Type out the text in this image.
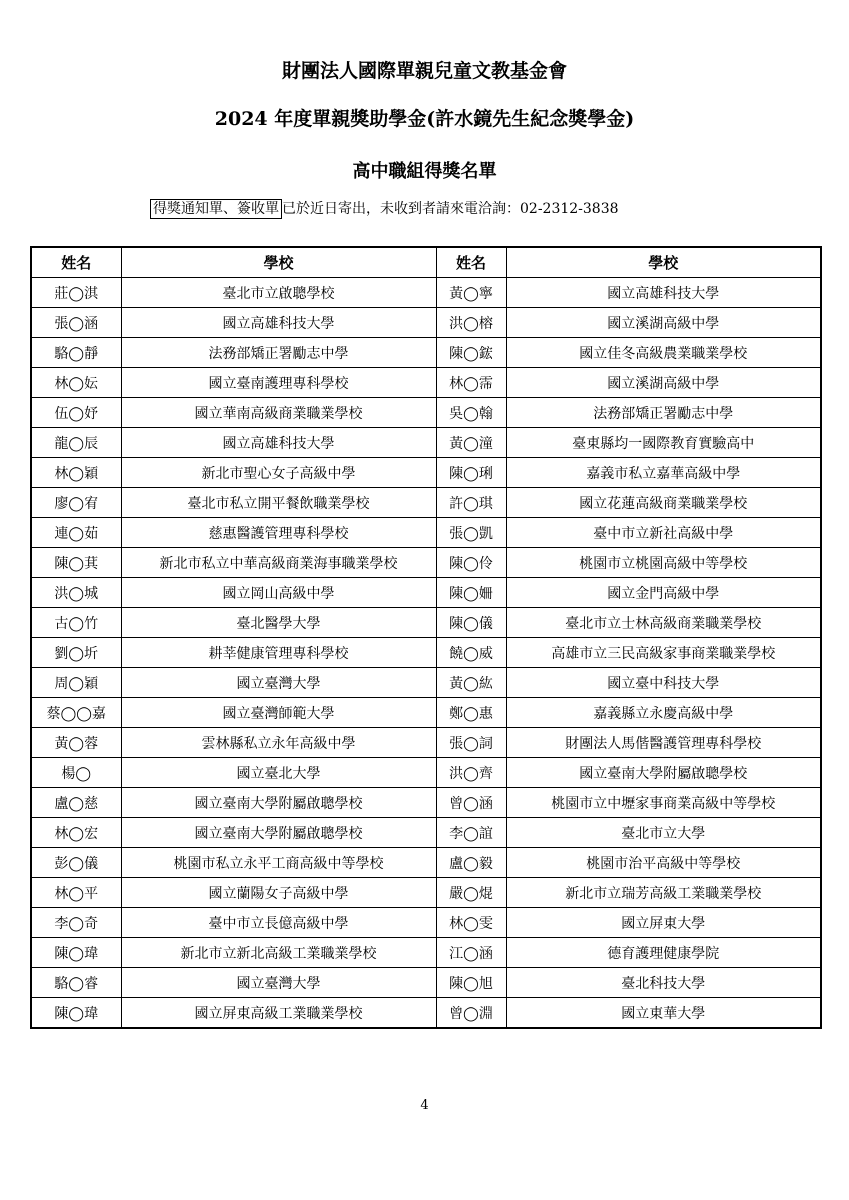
財團法人國際單親兒童文教基金會
2024 年度單親獎助學金(許水鏡先生紀念獎學金)
高中職組得獎名單
得獎通知單、簽收單 已於近日寄出，未收到者請來電洽詢：02-2312-3838
姓名	學校	姓名	學校
莊◯淇	臺北市立啟聰學校	黃◯寧	國立高雄科技大學
張◯涵	國立高雄科技大學	洪◯榕	國立溪湖高級中學
駱◯靜	法務部矯正署勵志中學	陳◯鋐	國立佳冬高級農業職業學校
林◯妘	國立臺南護理專科學校	林◯霈	國立溪湖高級中學
伍◯妤	國立華南高級商業職業學校	吳◯翰	法務部矯正署勵志中學
龍◯辰	國立高雄科技大學	黃◯潼	臺東縣均一國際教育實驗高中
林◯穎	新北市聖心女子高級中學	陳◯琍	嘉義市私立嘉華高級中學
廖◯宥	臺北市私立開平餐飲職業學校	許◯琪	國立花蓮高級商業職業學校
連◯茹	慈惠醫護管理專科學校	張◯凱	臺中市立新社高級中學
陳◯萁	新北市私立中華高級商業海事職業學校	陳◯伶	桃園市立桃園高級中等學校
洪◯城	國立岡山高級中學	陳◯姍	國立金門高級中學
古◯竹	臺北醫學大學	陳◯儀	臺北市立士林高級商業職業學校
劉◯圻	耕莘健康管理專科學校	饒◯威	高雄市立三民高級家事商業職業學校
周◯穎	國立臺灣大學	黃◯紘	國立臺中科技大學
蔡◯◯嘉	國立臺灣師範大學	鄭◯惠	嘉義縣立永慶高級中學
黃◯蓉	雲林縣私立永年高級中學	張◯詞	財團法人馬偕醫護管理專科學校
楊◯	國立臺北大學	洪◯齊	國立臺南大學附屬啟聰學校
盧◯慈	國立臺南大學附屬啟聰學校	曾◯涵	桃園市立中壢家事商業高級中等學校
林◯宏	國立臺南大學附屬啟聰學校	李◯誼	臺北市立大學
彭◯儀	桃園市私立永平工商高級中等學校	盧◯毅	桃園市治平高級中等學校
林◯平	國立蘭陽女子高級中學	嚴◯焜	新北市立瑞芳高級工業職業學校
李◯奇	臺中市立長億高級中學	林◯雯	國立屏東大學
陳◯瑋	新北市立新北高級工業職業學校	江◯涵	德育護理健康學院
駱◯睿	國立臺灣大學	陳◯旭	臺北科技大學
陳◯瑋	國立屏東高級工業職業學校	曾◯淵	國立東華大學
4
